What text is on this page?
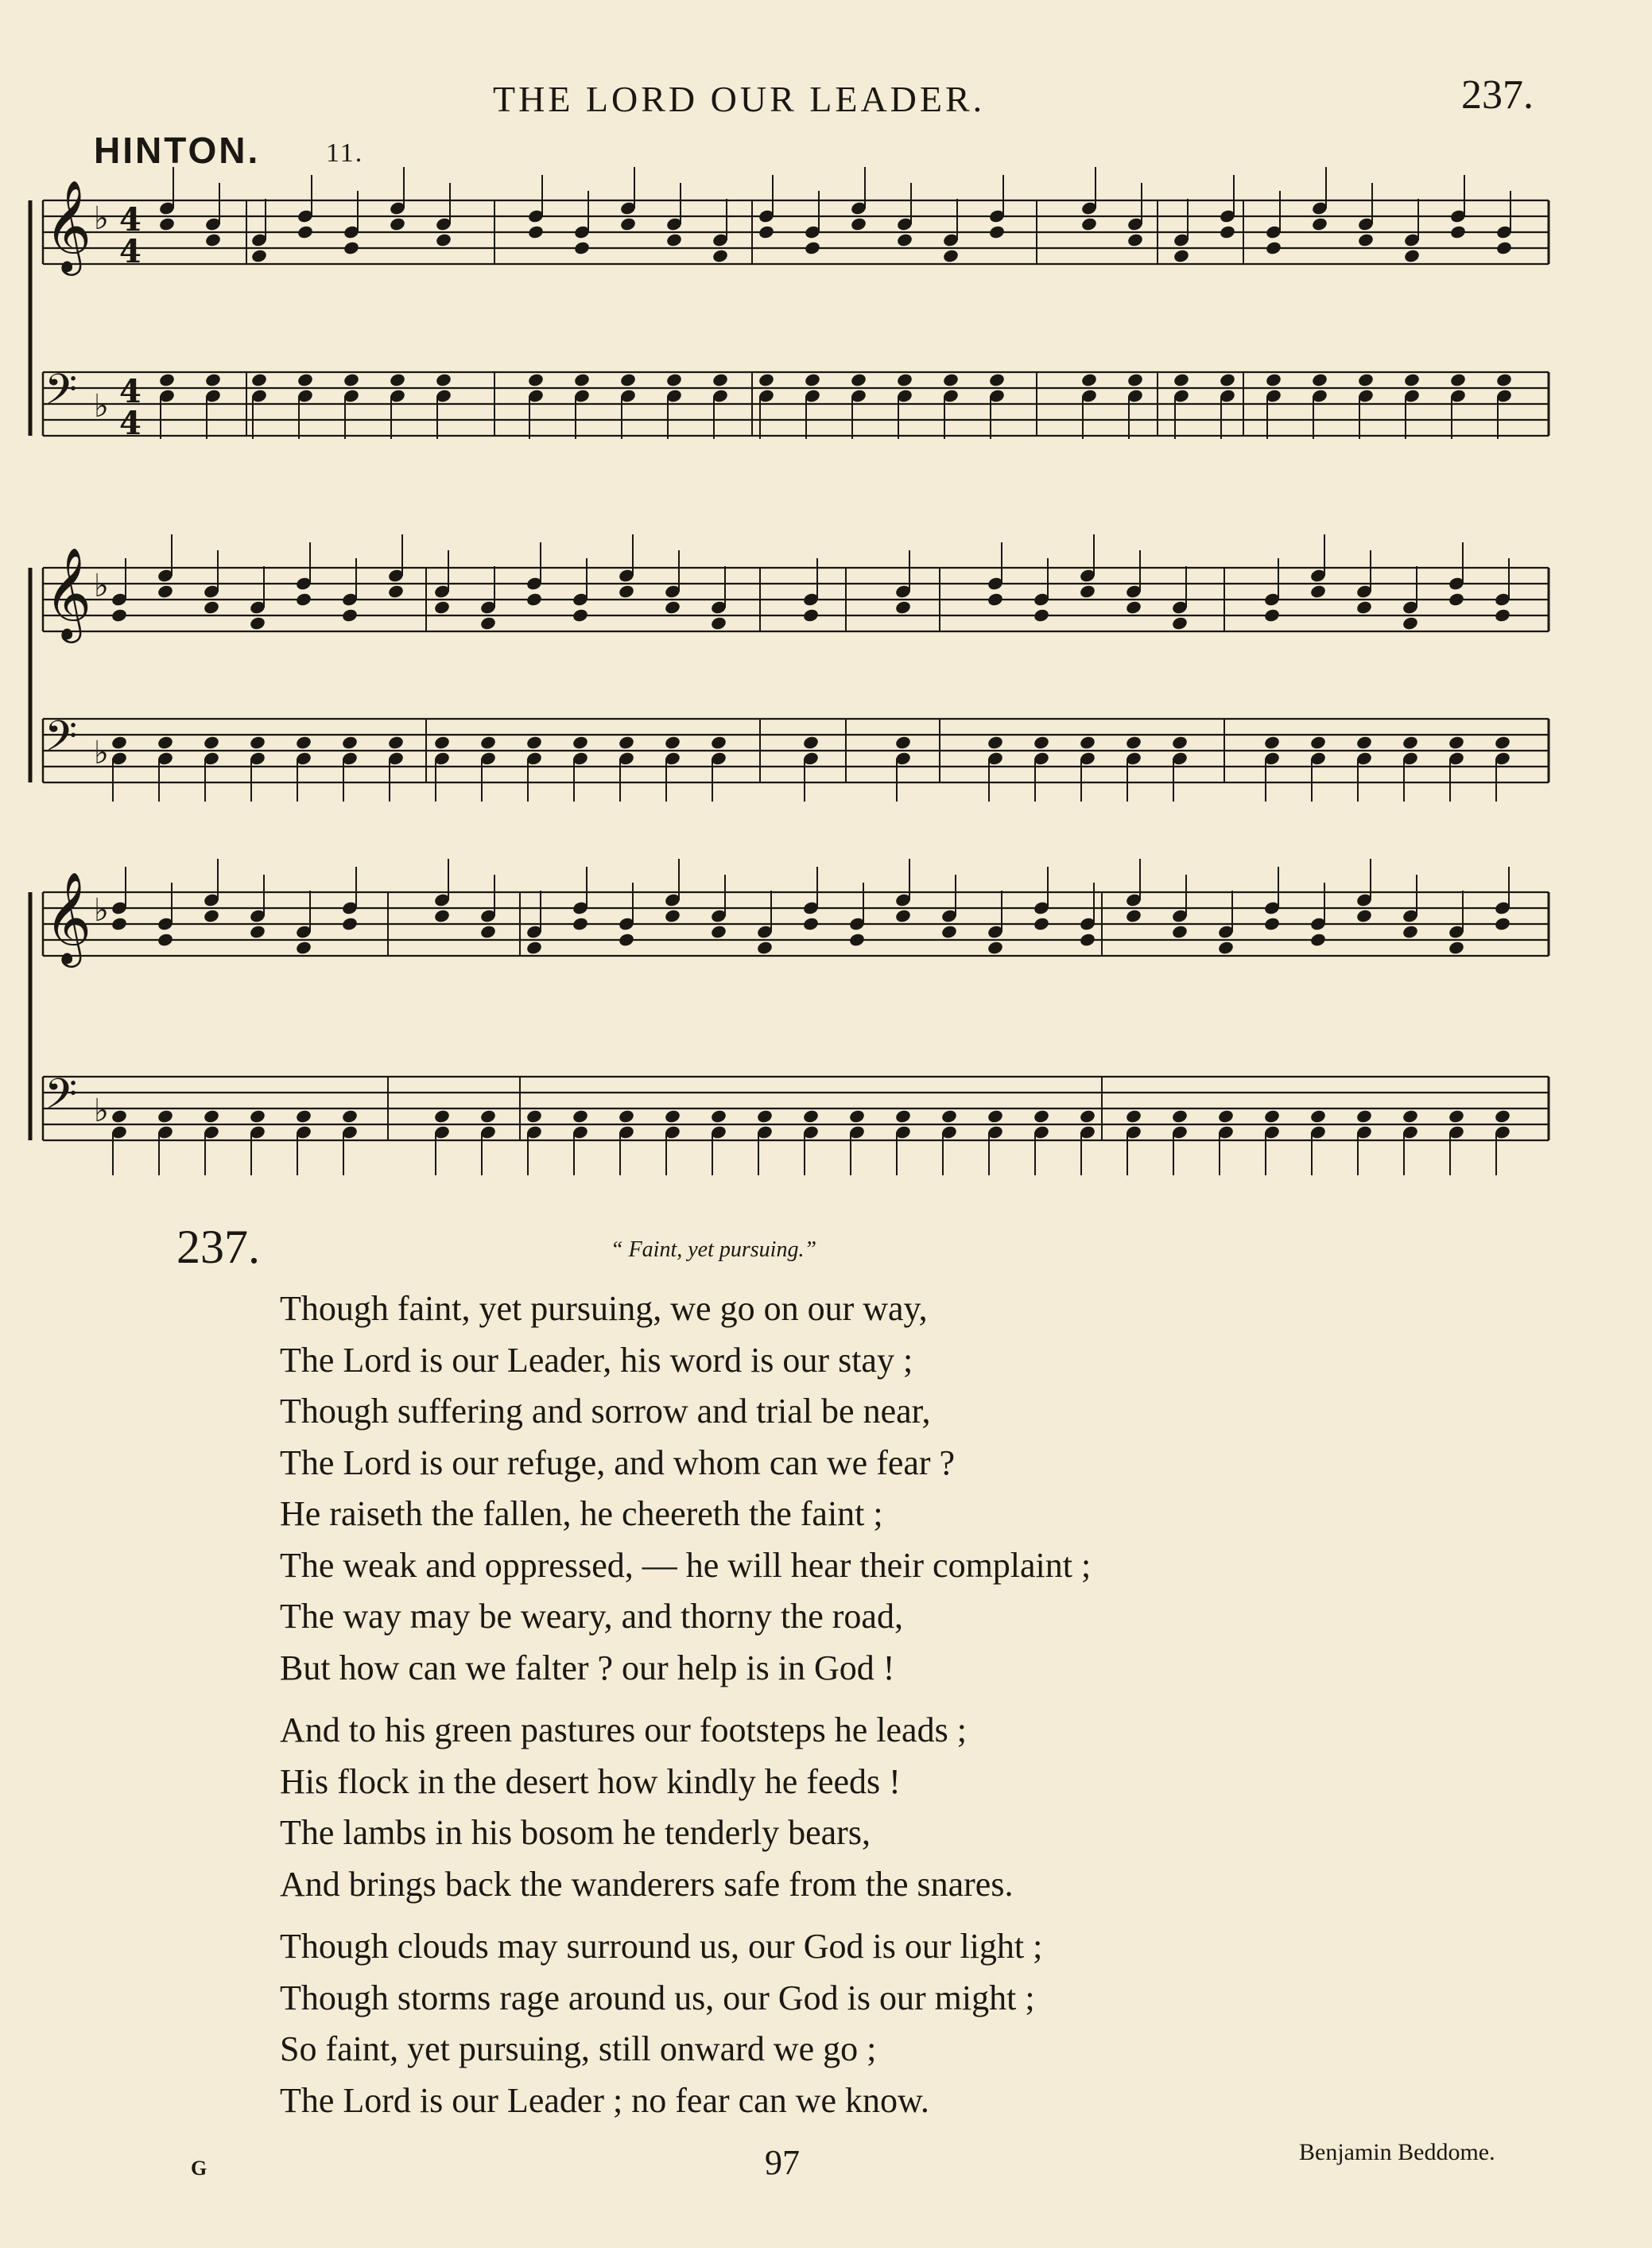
THE LORD OUR LEADER.	237.
HINTON. 11.
𝄞 ♭ 4
4
𝄢 ♭ 4
4
𝄞 ♭
𝄢 ♭
𝄞 ♭
𝄢 ♭
237.	“ Faint, yet pursuing.”
Though faint, yet pursuing, we go on our way,
The Lord is our Leader, his word is our stay ;
Though suffering and sorrow and trial be near,
The Lord is our refuge, and whom can we fear ?
He raiseth the fallen, he cheereth the faint ;
The weak and oppressed, — he will hear their complaint ;
The way may be weary, and thorny the road,
But how can we falter ? our help is in God !
And to his green pastures our footsteps he leads ;
His flock in the desert how kindly he feeds !
The lambs in his bosom he tenderly bears,
And brings back the wanderers safe from the snares.
Though clouds may surround us, our God is our light ;
Though storms rage around us, our God is our might ;
So faint, yet pursuing, still onward we go ;
The Lord is our Leader ; no fear can we know.
G	97	Benjamin Beddome.
